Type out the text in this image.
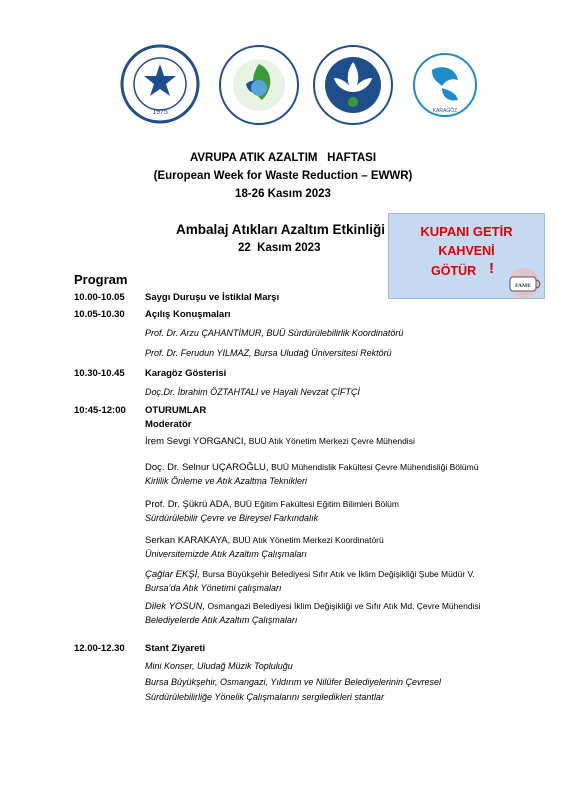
1975	KARAGÖZ
AVRUPA ATIK AZALTIM   HAFTASI
(European Week for Waste Reduction – EWWR)
18-26 Kasım 2023
Ambalaj Atıkları Azaltım Etkinliği
22  Kasım 2023
KUPANI GETİR
KAHVENİ
GÖTÜR !
FAME
Program
10.00-10.05 Saygı Duruşu ve İstiklal Marşı
10.05-10.30 Açılış Konuşmaları
Prof. Dr. Arzu ÇAHANTİMUR, BUÜ Sürdürülebilirlik Koordinatörü
Prof. Dr. Ferudun YILMAZ, Bursa Uludağ Üniversitesi Rektörü
10.30-10.45 Karagöz Gösterisi
Doç.Dr. İbrahim ÖZTAHTALI ve Hayali Nevzat ÇİFTÇİ
10:45-12:00 OTURUMLAR
Moderatör
İrem Sevgi YORGANCI, BUÜ Atık Yönetim Merkezi Çevre Mühendisi
Doç. Dr. Selnur UÇAROĞLU, BUÜ Mühendislik Fakültesi Çevre Mühendisliği Bölümü
Kirlilik Önleme ve Atık Azaltma Teknikleri
Prof. Dr. Şükrü ADA, BUÜ Eğitim Fakültesi Eğitim Bilimleri Bölüm
Sürdürülebilir Çevre ve Bireysel Farkındalık
Serkan KARAKAYA, BUÜ Atık Yönetim Merkezi Koordinatörü
Üniversitemizde Atık Azaltım Çalışmaları
Çağlar EKŞİ, Bursa Büyükşehir Belediyesi Sıfır Atık ve İklim Değişikliği Şube Müdür V.
Bursa’da Atık Yönetimi çalışmaları
Dilek YOSUN, Osmangazi Belediyesi İklim Değişikliği ve Sıfır Atık Md. Çevre Mühendisi
Belediyelerde Atık Azaltım Çalışmaları
12.00-12.30 Stant Ziyareti
Mini Konser, Uludağ Müzik Topluluğu
Bursa Büyükşehir, Osmangazi, Yıldırım ve Nilüfer Belediyelerinin Çevresel
Sürdürülebilirliğe Yönelik Çalışmalarını sergiledikleri stantlar
